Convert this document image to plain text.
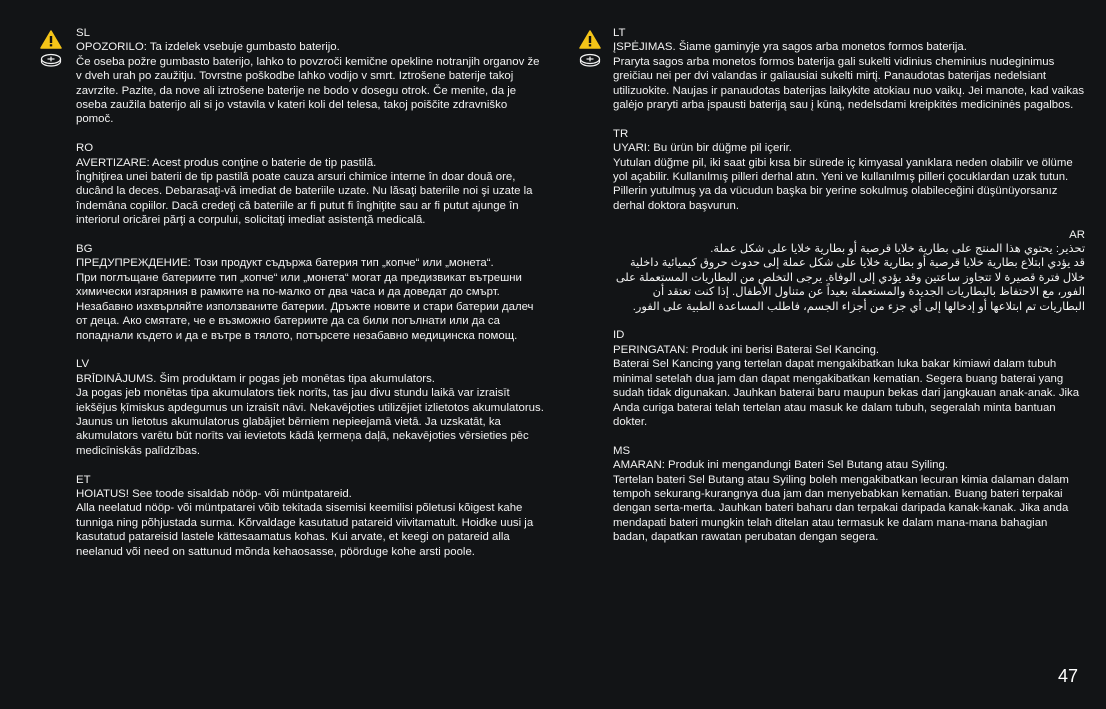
SL

OPOZORILO: Ta izdelek vsebuje gumbasto baterijo.

Če oseba požre gumbasto baterijo, lahko to povzroči kemične opekline notranjih organov že v dveh urah po zaužitju. Tovrstne poškodbe lahko vodijo v smrt. Iztrošene baterije takoj zavrzite. Pazite, da nove ali iztrošene baterije ne bodo v dosegu otrok. Če menite, da je oseba zaužila baterijo ali si jo vstavila v kateri koli del telesa, takoj poiščite zdravniško pomoč.

RO

AVERTIZARE: Acest produs conţine o baterie de tip pastilă.

Înghiţirea unei baterii de tip pastilă poate cauza arsuri chimice interne în doar două ore, ducând la deces. Debarasaţi-vă imediat de bateriile uzate. Nu lăsaţi bateriile noi şi uzate la îndemâna copiilor. Dacă credeţi că bateriile ar fi putut fi înghiţite sau ar fi putut ajunge în interiorul oricărei părţi a corpului, solicitaţi imediat asistenţă medicală.

BG

ПРЕДУПРЕЖДЕНИЕ: Този продукт съдържа батерия тип „копче“ или „монета“.

При поглъщане батериите тип „копче“ или „монета“ могат да предизвикат вътрешни химически изгаряния в рамките на по-малко от два часа и да доведат до смърт. Незабавно изхвърляйте използваните батерии. Дръжте новите и стари батерии далеч от деца. Ако смятате, че е възможно батериите да са били погълнати или да са попаднали където и да е вътре в тялото, потърсете незабавно медицинска помощ.

LV

BRĪDINĀJUMS. Šim produktam ir pogas jeb monētas tipa akumulators.

Ja pogas jeb monētas tipa akumulators tiek norīts, tas jau divu stundu laikā var izraisīt iekšējus ķīmiskus apdegumus un izraisīt nāvi. Nekavējoties utilizējiet izlietotos akumulatorus. Jaunus un lietotus akumulatorus glabājiet bērniem nepieejamā vietā. Ja uzskatāt, ka akumulators varētu būt norīts vai ievietots kādā ķermeņa daļā, nekavējoties vērsieties pēc medicīniskās palīdzības.

ET

HOIATUS! See toode sisaldab nööp- või müntpatareid.

Alla neelatud nööp- või müntpatarei võib tekitada sisemisi keemilisi põletusi kõigest kahe tunniga ning põhjustada surma. Kõrvaldage kasutatud patareid viivitamatult. Hoidke uusi ja kasutatud patareisid lastele kättesaamatus kohas. Kui arvate, et keegi on patareid alla neelanud või need on sattunud mõnda kehaosasse, pöörduge kohe arsti poole.

LT

ĮSPĖJIMAS. Šiame gaminyje yra sagos arba monetos formos baterija.

Praryta sagos arba monetos formos baterija gali sukelti vidinius cheminius nudeginimus greičiau nei per dvi valandas ir galiausiai sukelti mirtį. Panaudotas baterijas nedelsiant utilizuokite. Naujas ir panaudotas baterijas laikykite atokiau nuo vaikų. Jei manote, kad vaikas galėjo praryti arba įspausti bateriją sau į kūną, nedelsdami kreipkitės medicininės pagalbos.

TR

UYARI: Bu ürün bir düğme pil içerir.

Yutulan düğme pil, iki saat gibi kısa bir sürede iç kimyasal yanıklara neden olabilir ve ölüme yol açabilir. Kullanılmış pilleri derhal atın. Yeni ve kullanılmış pilleri çocuklardan uzak tutun. Pillerin yutulmuş ya da vücudun başka bir yerine sokulmuş olabileceğini düşünüyorsanız derhal doktora başvurun.

AR

تحذير: يحتوي هذا المنتج على بطارية خلايا قرصية أو بطارية خلايا على شكل عملة.

قد يؤدي ابتلاع بطارية خلايا قرصية أو بطارية خلايا على شكل عملة إلى حدوث حروق كيميائية داخلية خلال فترة قصيرة لا تتجاوز ساعتين وقد يؤدي إلى الوفاة. يرجى التخلص من البطاريات المستعملة على الفور، مع الاحتفاظ بالبطاريات الجديدة والمستعملة بعيداً عن متناول الأطفال. إذا كنت تعتقد أن البطاريات تم ابتلاعها أو إدخالها إلى أي جزء من أجزاء الجسم، فاطلب المساعدة الطبية على الفور.

ID

PERINGATAN: Produk ini berisi Baterai Sel Kancing.

Baterai Sel Kancing yang tertelan dapat mengakibatkan luka bakar kimiawi dalam tubuh minimal setelah dua jam dan dapat mengakibatkan kematian. Segera buang baterai yang sudah tidak digunakan. Jauhkan baterai baru maupun bekas dari jangkauan anak-anak. Jika Anda curiga baterai telah tertelan atau masuk ke dalam tubuh, segeralah minta bantuan dokter.

MS

AMARAN: Produk ini mengandungi Bateri Sel Butang atau Syiling.

Tertelan bateri Sel Butang atau Syiling boleh mengakibatkan lecuran kimia dalaman dalam tempoh sekurang-kurangnya dua jam dan menyebabkan kematian. Buang bateri terpakai dengan serta-merta. Jauhkan bateri baharu dan terpakai daripada kanak-kanak. Jika anda mendapati bateri mungkin telah ditelan atau termasuk ke dalam mana-mana bahagian badan, dapatkan rawatan perubatan dengan segera.

47
